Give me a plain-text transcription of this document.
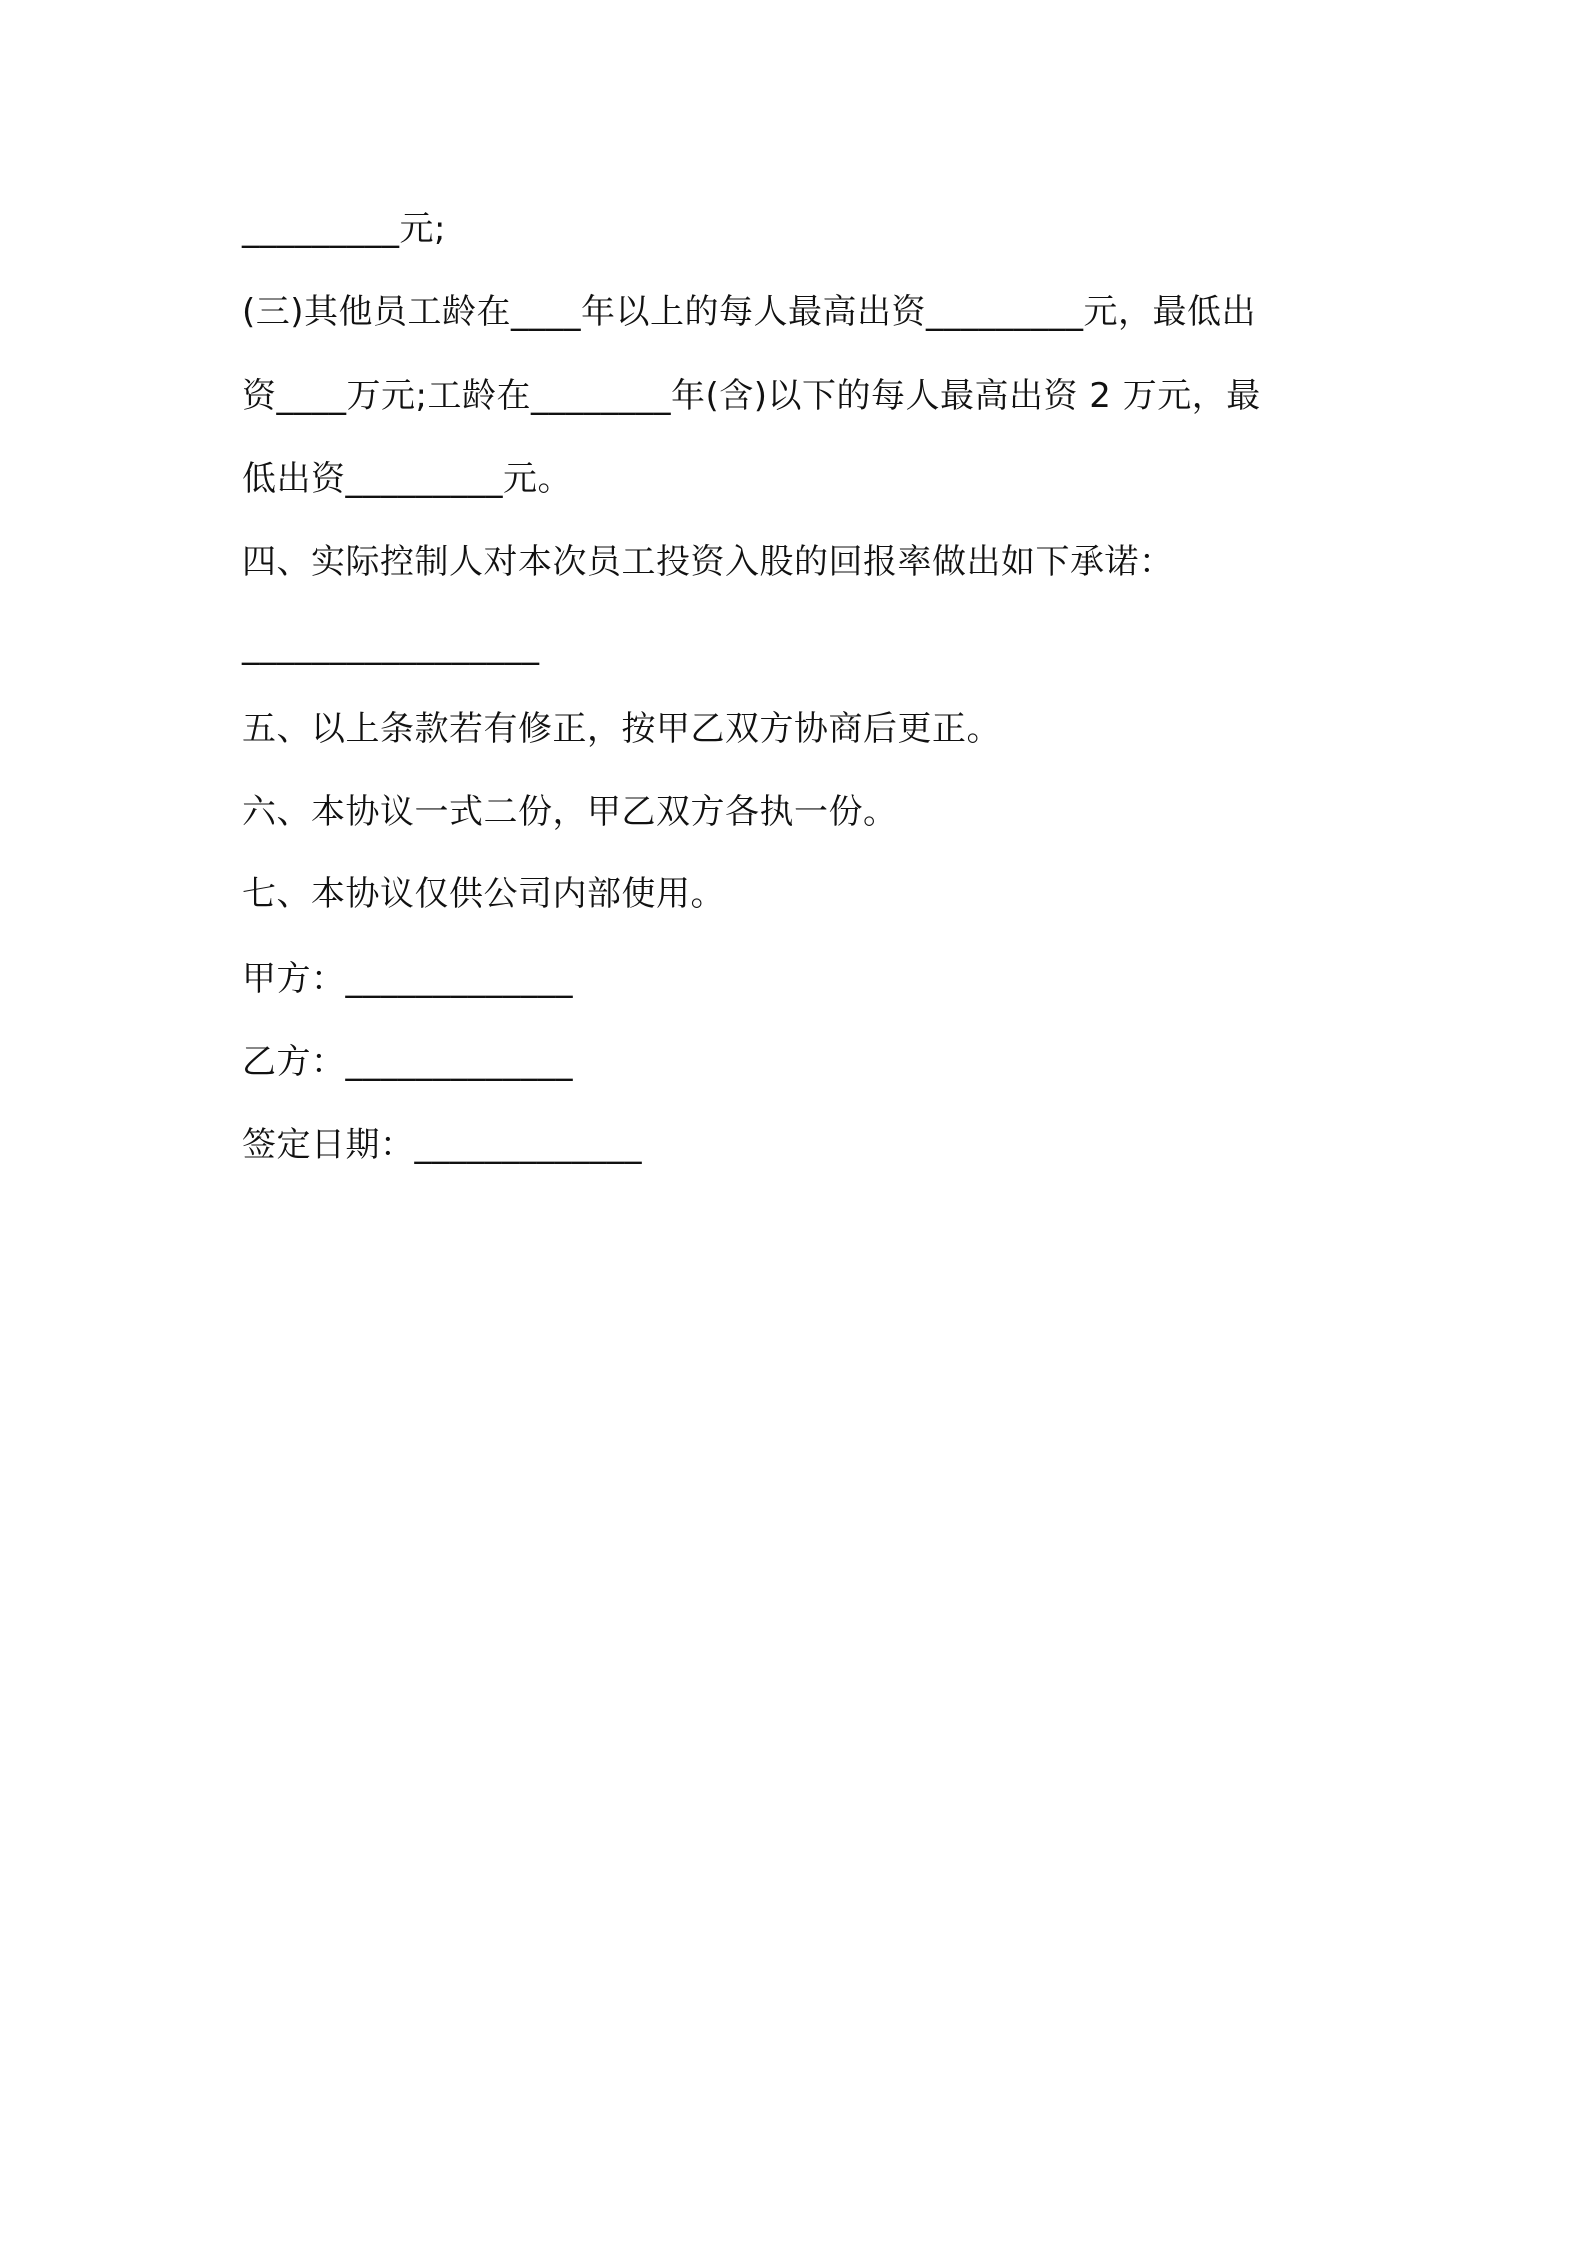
_________元;
(三)其他员工龄在____年以上的每人最高出资_________元，最低出
资____万元;工龄在________年(含)以下的每人最高出资 2 万元，最
低出资_________元。
四、实际控制人对本次员工投资入股的回报率做出如下承诺：
_________________
五、以上条款若有修正，按甲乙双方协商后更正。
六、本协议一式二份，甲乙双方各执一份。
七、本协议仅供公司内部使用。
甲方：_____________
乙方：_____________
签定日期：_____________
